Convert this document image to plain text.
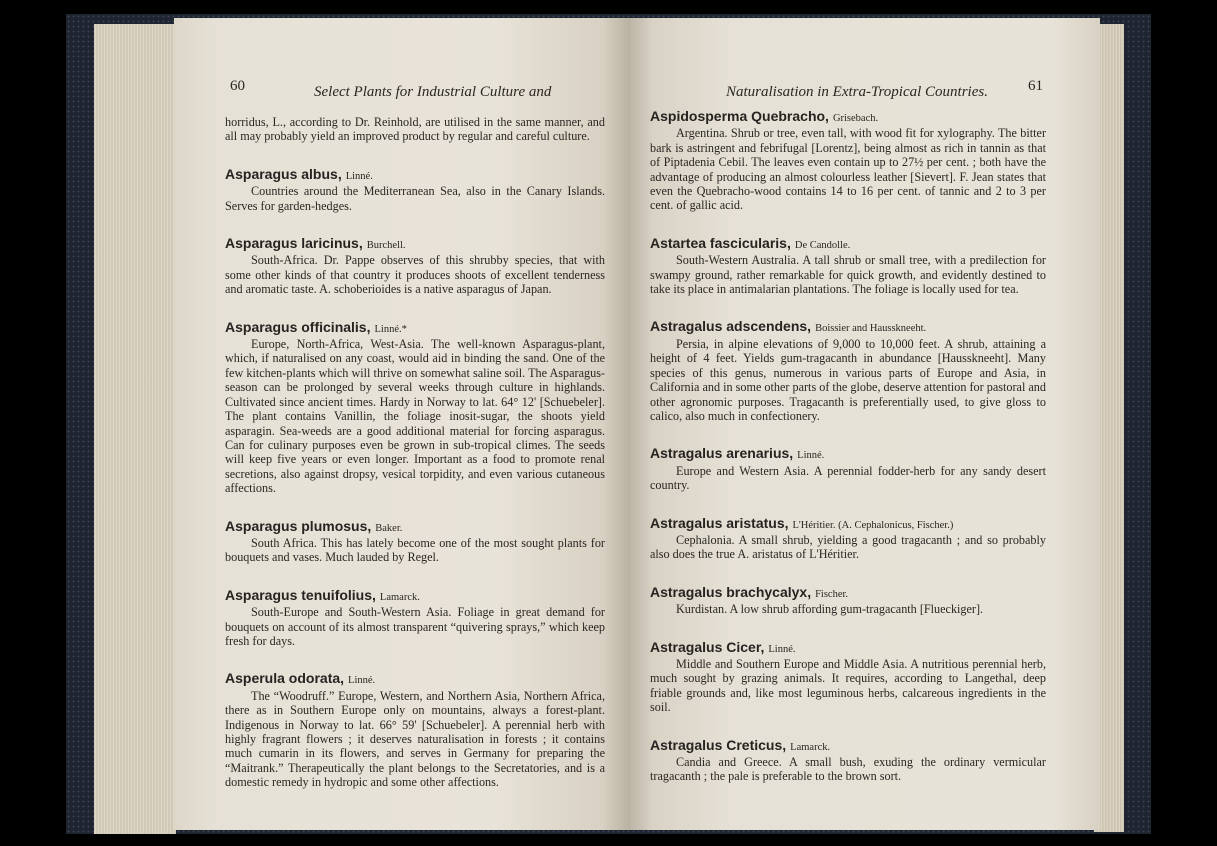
60	Select Plants for Industrial Culture and

horridus, L., according to Dr. Reinhold, are utilised in the same manner, and all may probably yield an improved product by regular and careful culture.

Asparagus albus, Linné.

Countries around the Mediterranean Sea, also in the Canary Islands. Serves for garden-hedges.

Asparagus laricinus, Burchell.

South-Africa. Dr. Pappe observes of this shrubby species, that with some other kinds of that country it produces shoots of excellent tenderness and aromatic taste. A. schoberioides is a native asparagus of Japan.

Asparagus officinalis, Linné.*

Europe, North-Africa, West-Asia. The well-known Asparagus-plant, which, if naturalised on any coast, would aid in binding the sand. One of the few kitchen-plants which will thrive on somewhat saline soil. The Asparagus-season can be prolonged by several weeks through culture in highlands. Cultivated since ancient times. Hardy in Norway to lat. 64° 12' [Schuebeler]. The plant contains Vanillin, the foliage inosit-sugar, the shoots yield asparagin. Sea-weeds are a good additional material for forcing asparagus. Can for culinary purposes even be grown in sub-tropical climes. The seeds will keep five years or even longer. Important as a food to promote renal secretions, also against dropsy, vesical torpidity, and even various cutaneous affections.

Asparagus plumosus, Baker.

South Africa. This has lately become one of the most sought plants for bouquets and vases. Much lauded by Regel.

Asparagus tenuifolius, Lamarck.

South-Europe and South-Western Asia. Foliage in great demand for bouquets on account of its almost transparent “quivering sprays,” which keep fresh for days.

Asperula odorata, Linné.

The “Woodruff.” Europe, Western, and Northern Asia, Northern Africa, there as in Southern Europe only on mountains, always a forest-plant. Indigenous in Norway to lat. 66° 59' [Schuebeler]. A perennial herb with highly fragrant flowers ; it deserves naturalisation in forests ; it contains much cumarin in its flowers, and serves in Germany for preparing the “Maitrank.” Therapeutically the plant belongs to the Secretatories, and is a domestic remedy in hydropic and some other affections.

Naturalisation in Extra-Tropical Countries.	61
Aspidosperma Quebracho, Grisebach.

Argentina. Shrub or tree, even tall, with wood fit for xylography. The bitter bark is astringent and febrifugal [Lorentz], being almost as rich in tannin as that of Piptadenia Cebil. The leaves even contain up to 27½ per cent. ; both have the advantage of producing an almost colourless leather [Sievert]. F. Jean states that even the Quebracho-wood contains 14 to 16 per cent. of tannic and 2 to 3 per cent. of gallic acid.

Astartea fascicularis, De Candolle.

South-Western Australia. A tall shrub or small tree, with a predilection for swampy ground, rather remarkable for quick growth, and evidently destined to take its place in antimalarian plantations. The foliage is locally used for tea.

Astragalus adscendens, Boissier and Hausskneeht.

Persia, in alpine elevations of 9,000 to 10,000 feet. A shrub, attaining a height of 4 feet. Yields gum-tragacanth in abundance [Hausskneeht]. Many species of this genus, numerous in various parts of Europe and Asia, in California and in some other parts of the globe, deserve attention for pastoral and other agronomic purposes. Tragacanth is preferentially used, to give gloss to calico, also much in confectionery.

Astragalus arenarius, Linné.

Europe and Western Asia. A perennial fodder-herb for any sandy desert country.

Astragalus aristatus, L'Héritier. (A. Cephalonicus, Fischer.)

Cephalonia. A small shrub, yielding a good tragacanth ; and so probably also does the true A. aristatus of L'Héritier.

Astragalus brachycalyx, Fischer.

Kurdistan. A low shrub affording gum-tragacanth [Flueckiger].

Astragalus Cicer, Linné.

Middle and Southern Europe and Middle Asia. A nutritious perennial herb, much sought by grazing animals. It requires, according to Langethal, deep friable grounds and, like most leguminous herbs, calcareous ingredients in the soil.

Astragalus Creticus, Lamarck.

Candia and Greece. A small bush, exuding the ordinary vermicular tragacanth ; the pale is preferable to the brown sort.
